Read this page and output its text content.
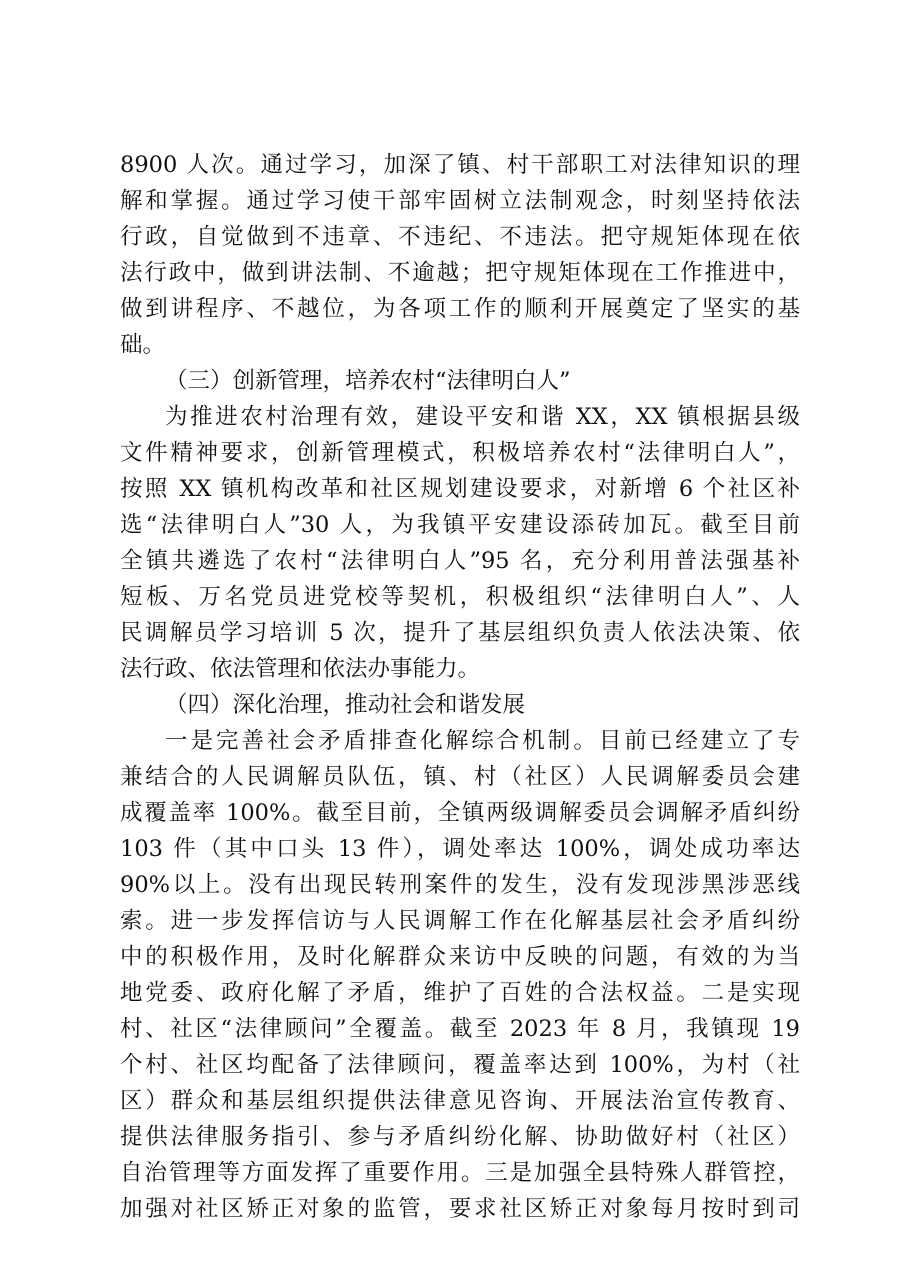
8900 人次。通过学习，加深了镇、村干部职工对法律知识的理
解和掌握。通过学习使干部牢固树立法制观念，时刻坚持依法
行政，自觉做到不违章、不违纪、不违法。把守规矩体现在依
法行政中，做到讲法制、不逾越；把守规矩体现在工作推进中，
做到讲程序、不越位，为各项工作的顺利开展奠定了坚实的基
础。
（三）创新管理，培养农村“法律明白人”
为推进农村治理有效，建设平安和谐 XX，XX 镇根据县级
文件精神要求，创新管理模式，积极培养农村“法律明白人”，
按照 XX 镇机构改革和社区规划建设要求，对新增 6 个社区补
选“法律明白人”30 人，为我镇平安建设添砖加瓦。截至目前
全镇共遴选了农村“法律明白人”95 名，充分利用普法强基补
短板、万名党员进党校等契机，积极组织“法律明白人”、人
民调解员学习培训 5 次，提升了基层组织负责人依法决策、依
法行政、依法管理和依法办事能力。
（四）深化治理，推动社会和谐发展
一是完善社会矛盾排查化解综合机制。目前已经建立了专
兼结合的人民调解员队伍，镇、村（社区）人民调解委员会建
成覆盖率 100%。截至目前，全镇两级调解委员会调解矛盾纠纷
103 件（其中口头 13 件），调处率达 100%，调处成功率达
90%以上。没有出现民转刑案件的发生，没有发现涉黑涉恶线
索。进一步发挥信访与人民调解工作在化解基层社会矛盾纠纷
中的积极作用，及时化解群众来访中反映的问题，有效的为当
地党委、政府化解了矛盾，维护了百姓的合法权益。二是实现
村、社区“法律顾问”全覆盖。截至 2023 年 8 月，我镇现 19
个村、社区均配备了法律顾问，覆盖率达到 100%，为村（社
区）群众和基层组织提供法律意见咨询、开展法治宣传教育、
提供法律服务指引、参与矛盾纠纷化解、协助做好村（社区）
自治管理等方面发挥了重要作用。三是加强全县特殊人群管控，
加强对社区矫正对象的监管，要求社区矫正对象每月按时到司
